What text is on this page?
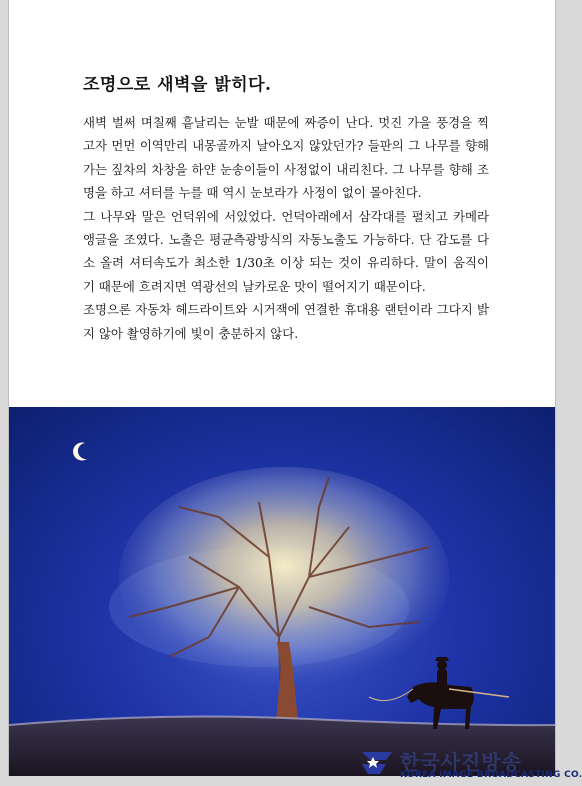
조명으로 새벽을 밝히다.

새벽 벌써 며칠째 흩날리는 눈발 때문에 짜증이 난다. 멋진 가을 풍경을 찍고자 먼먼 이역만리 내몽골까지 날아오지 않았던가? 들판의 그 나무를 향해 가는 짚차의 차창을 하얀 눈송이들이 사정없이 내리친다. 그 나무를 향해 조명을 하고 셔터를 누를 때 역시 눈보라가 사정이 없이 몰아친다.

그 나무와 말은 언덕위에 서있었다. 언덕아래에서 삼각대를 펼치고 카메라 앵글을 조였다. 노출은 평균측광방식의 자동노출도 가능하다. 단 감도를 다소 올려 셔터속도가 최소한 1/30초 이상 되는 것이 유리하다. 말이 움직이기 때문에 흐려지면 역광선의 날카로운 맛이 떨어지기 때문이다.

조명으론 자동차 헤드라이트와 시거잭에 연결한 휴대용 랜턴이라 그다지 밝지 않아 촬영하기에 빛이 충분하지 않다.

한국사진방송
KOREA IMAGE BROADCASTING CO.
